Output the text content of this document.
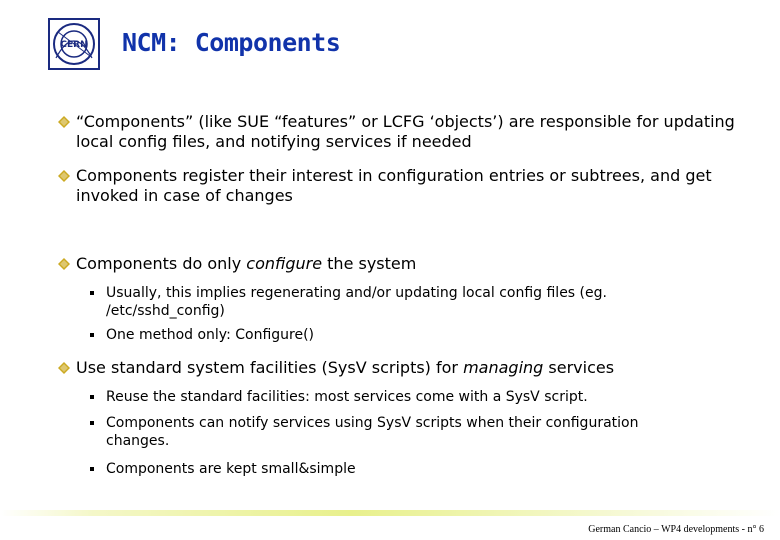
CERN NCM: Components
“Components” (like SUE “features” or LCFG ‘objects’) are responsible for updating local config files, and notifying services if needed
Components register their interest in configuration entries or subtrees, and get invoked in case of changes
Components do only configure the system
Usually, this implies regenerating and/or updating local config files (eg. /etc/sshd_config)
One method only: Configure()
Use standard system facilities (SysV scripts) for managing services
Reuse the standard facilities: most services come with a SysV script.
Components can notify services using SysV scripts when their configuration changes.
Components are kept small&simple
German Cancio – WP4 developments - n° 6
